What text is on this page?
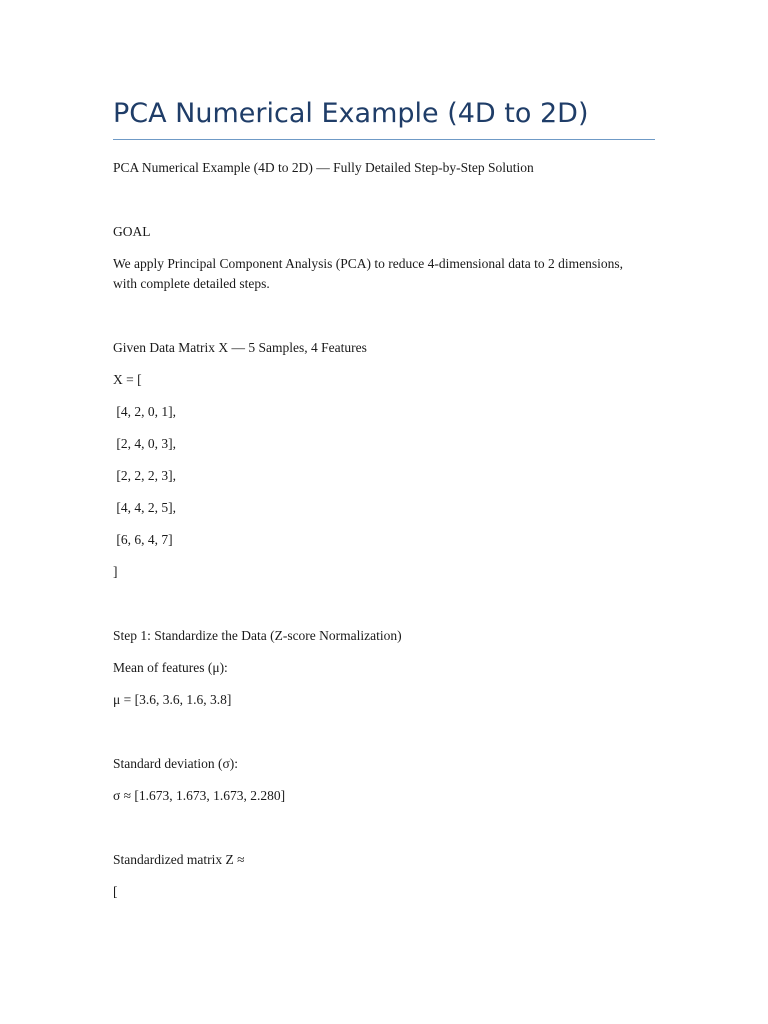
PCA Numerical Example (4D to 2D)

PCA Numerical Example (4D to 2D) — Fully Detailed Step-by-Step Solution

GOAL

We apply Principal Component Analysis (PCA) to reduce 4-dimensional data to 2 dimensions, with complete detailed steps.

Given Data Matrix X — 5 Samples, 4 Features

X = [

[4, 2, 0, 1],

[2, 4, 0, 3],

[2, 2, 2, 3],

[4, 4, 2, 5],

[6, 6, 4, 7]

]

Step 1: Standardize the Data (Z-score Normalization)

Mean of features (μ):

μ = [3.6, 3.6, 1.6, 3.8]

Standard deviation (σ):

σ ≈ [1.673, 1.673, 1.673, 2.280]

Standardized matrix Z ≈

[
